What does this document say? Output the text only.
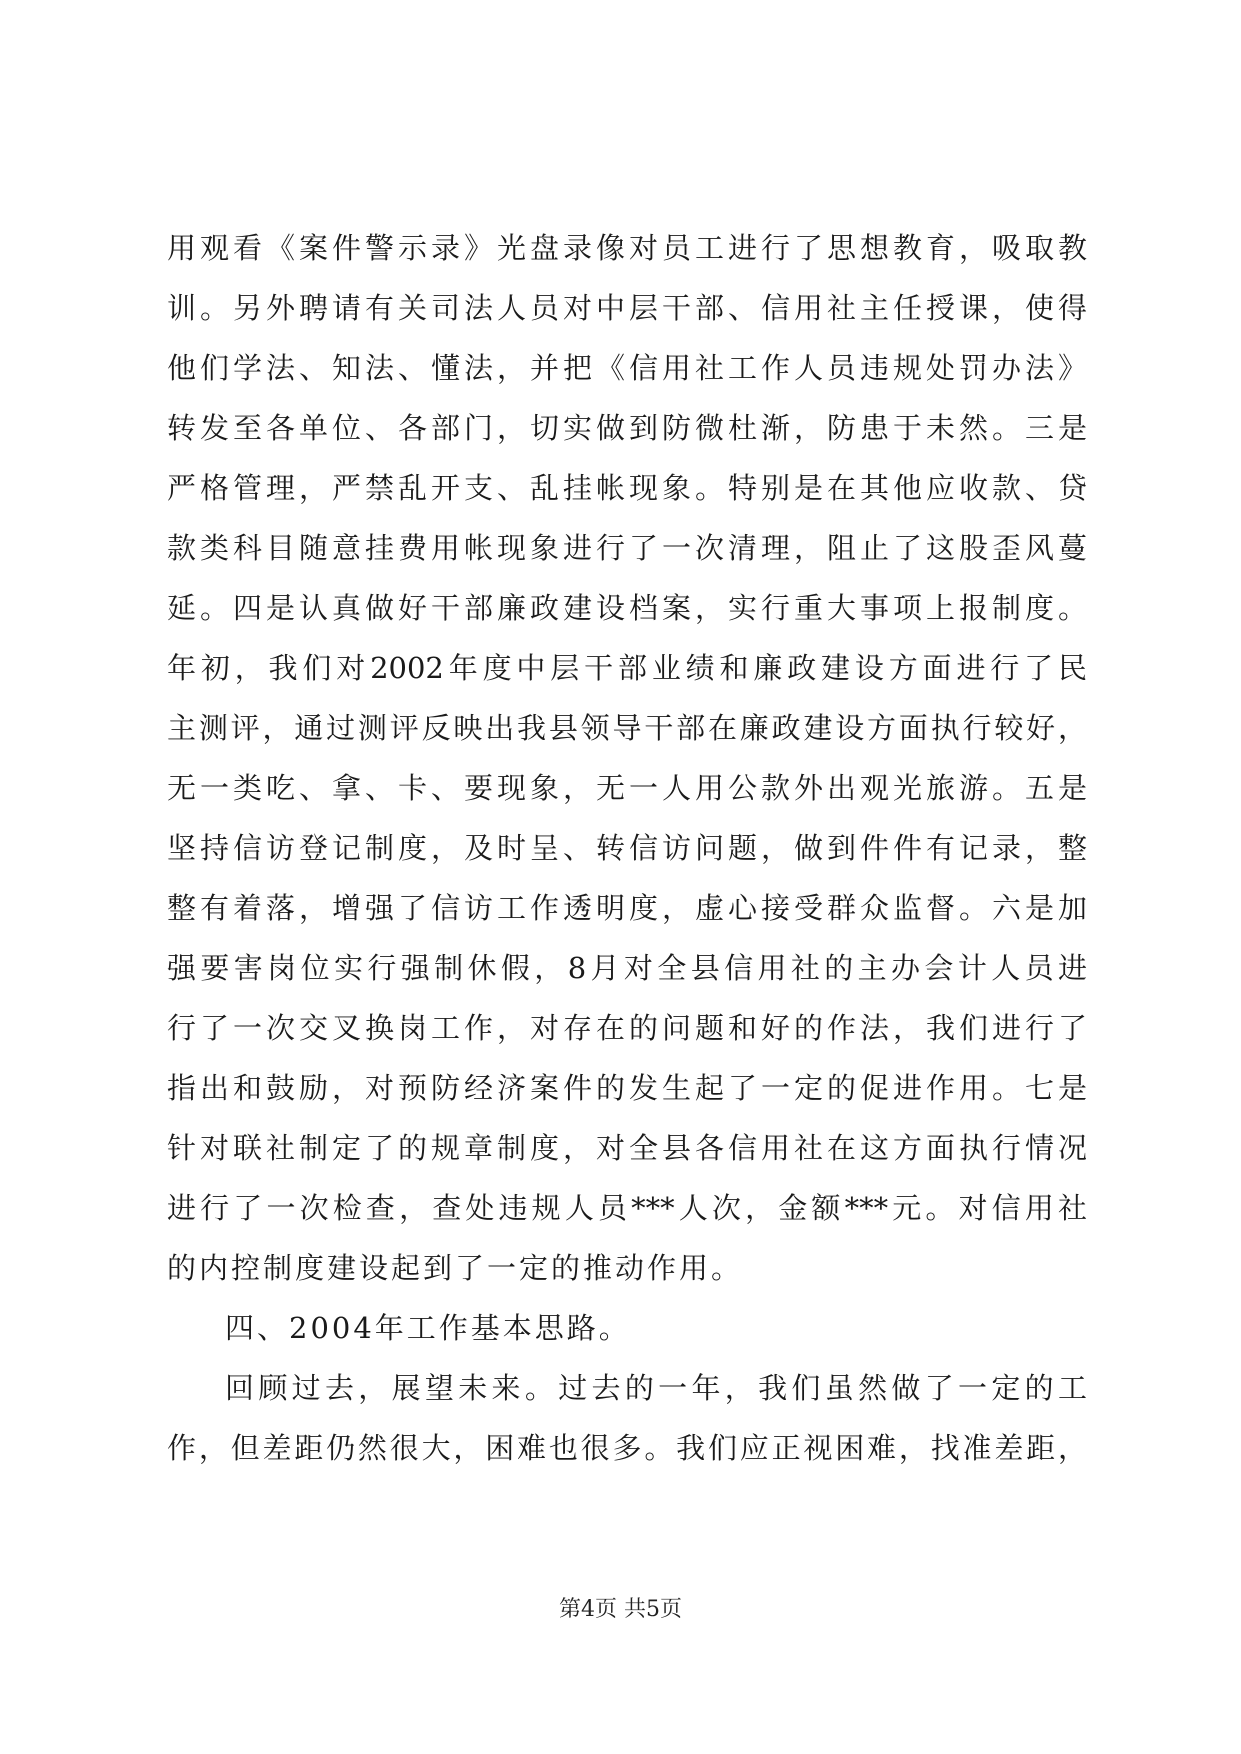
用观看《案件警示录》光盘录像对员工进行了思想教育，吸取教
训。另外聘请有关司法人员对中层干部、信用社主任授课，使得
他们学法、知法、懂法，并把《信用社工作人员违规处罚办法》
转发至各单位、各部门，切实做到防微杜渐，防患于未然。三是
严格管理，严禁乱开支、乱挂帐现象。特别是在其他应收款、贷
款类科目随意挂费用帐现象进行了一次清理，阻止了这股歪风蔓
延。四是认真做好干部廉政建设档案，实行重大事项上报制度。
年初，我们对2002年度中层干部业绩和廉政建设方面进行了民
主测评，通过测评反映出我县领导干部在廉政建设方面执行较好，
无一类吃、拿、卡、要现象，无一人用公款外出观光旅游。五是
坚持信访登记制度，及时呈、转信访问题，做到件件有记录，整
整有着落，增强了信访工作透明度，虚心接受群众监督。六是加
强要害岗位实行强制休假，8月对全县信用社的主办会计人员进
行了一次交叉换岗工作，对存在的问题和好的作法，我们进行了
指出和鼓励，对预防经济案件的发生起了一定的促进作用。七是
针对联社制定了的规章制度，对全县各信用社在这方面执行情况
进行了一次检查，查处违规人员***人次，金额***元。对信用社
的内控制度建设起到了一定的推动作用。
四、2004年工作基本思路。
回顾过去，展望未来。过去的一年，我们虽然做了一定的工
作，但差距仍然很大，困难也很多。我们应正视困难，找准差距，
第4页 共5页
